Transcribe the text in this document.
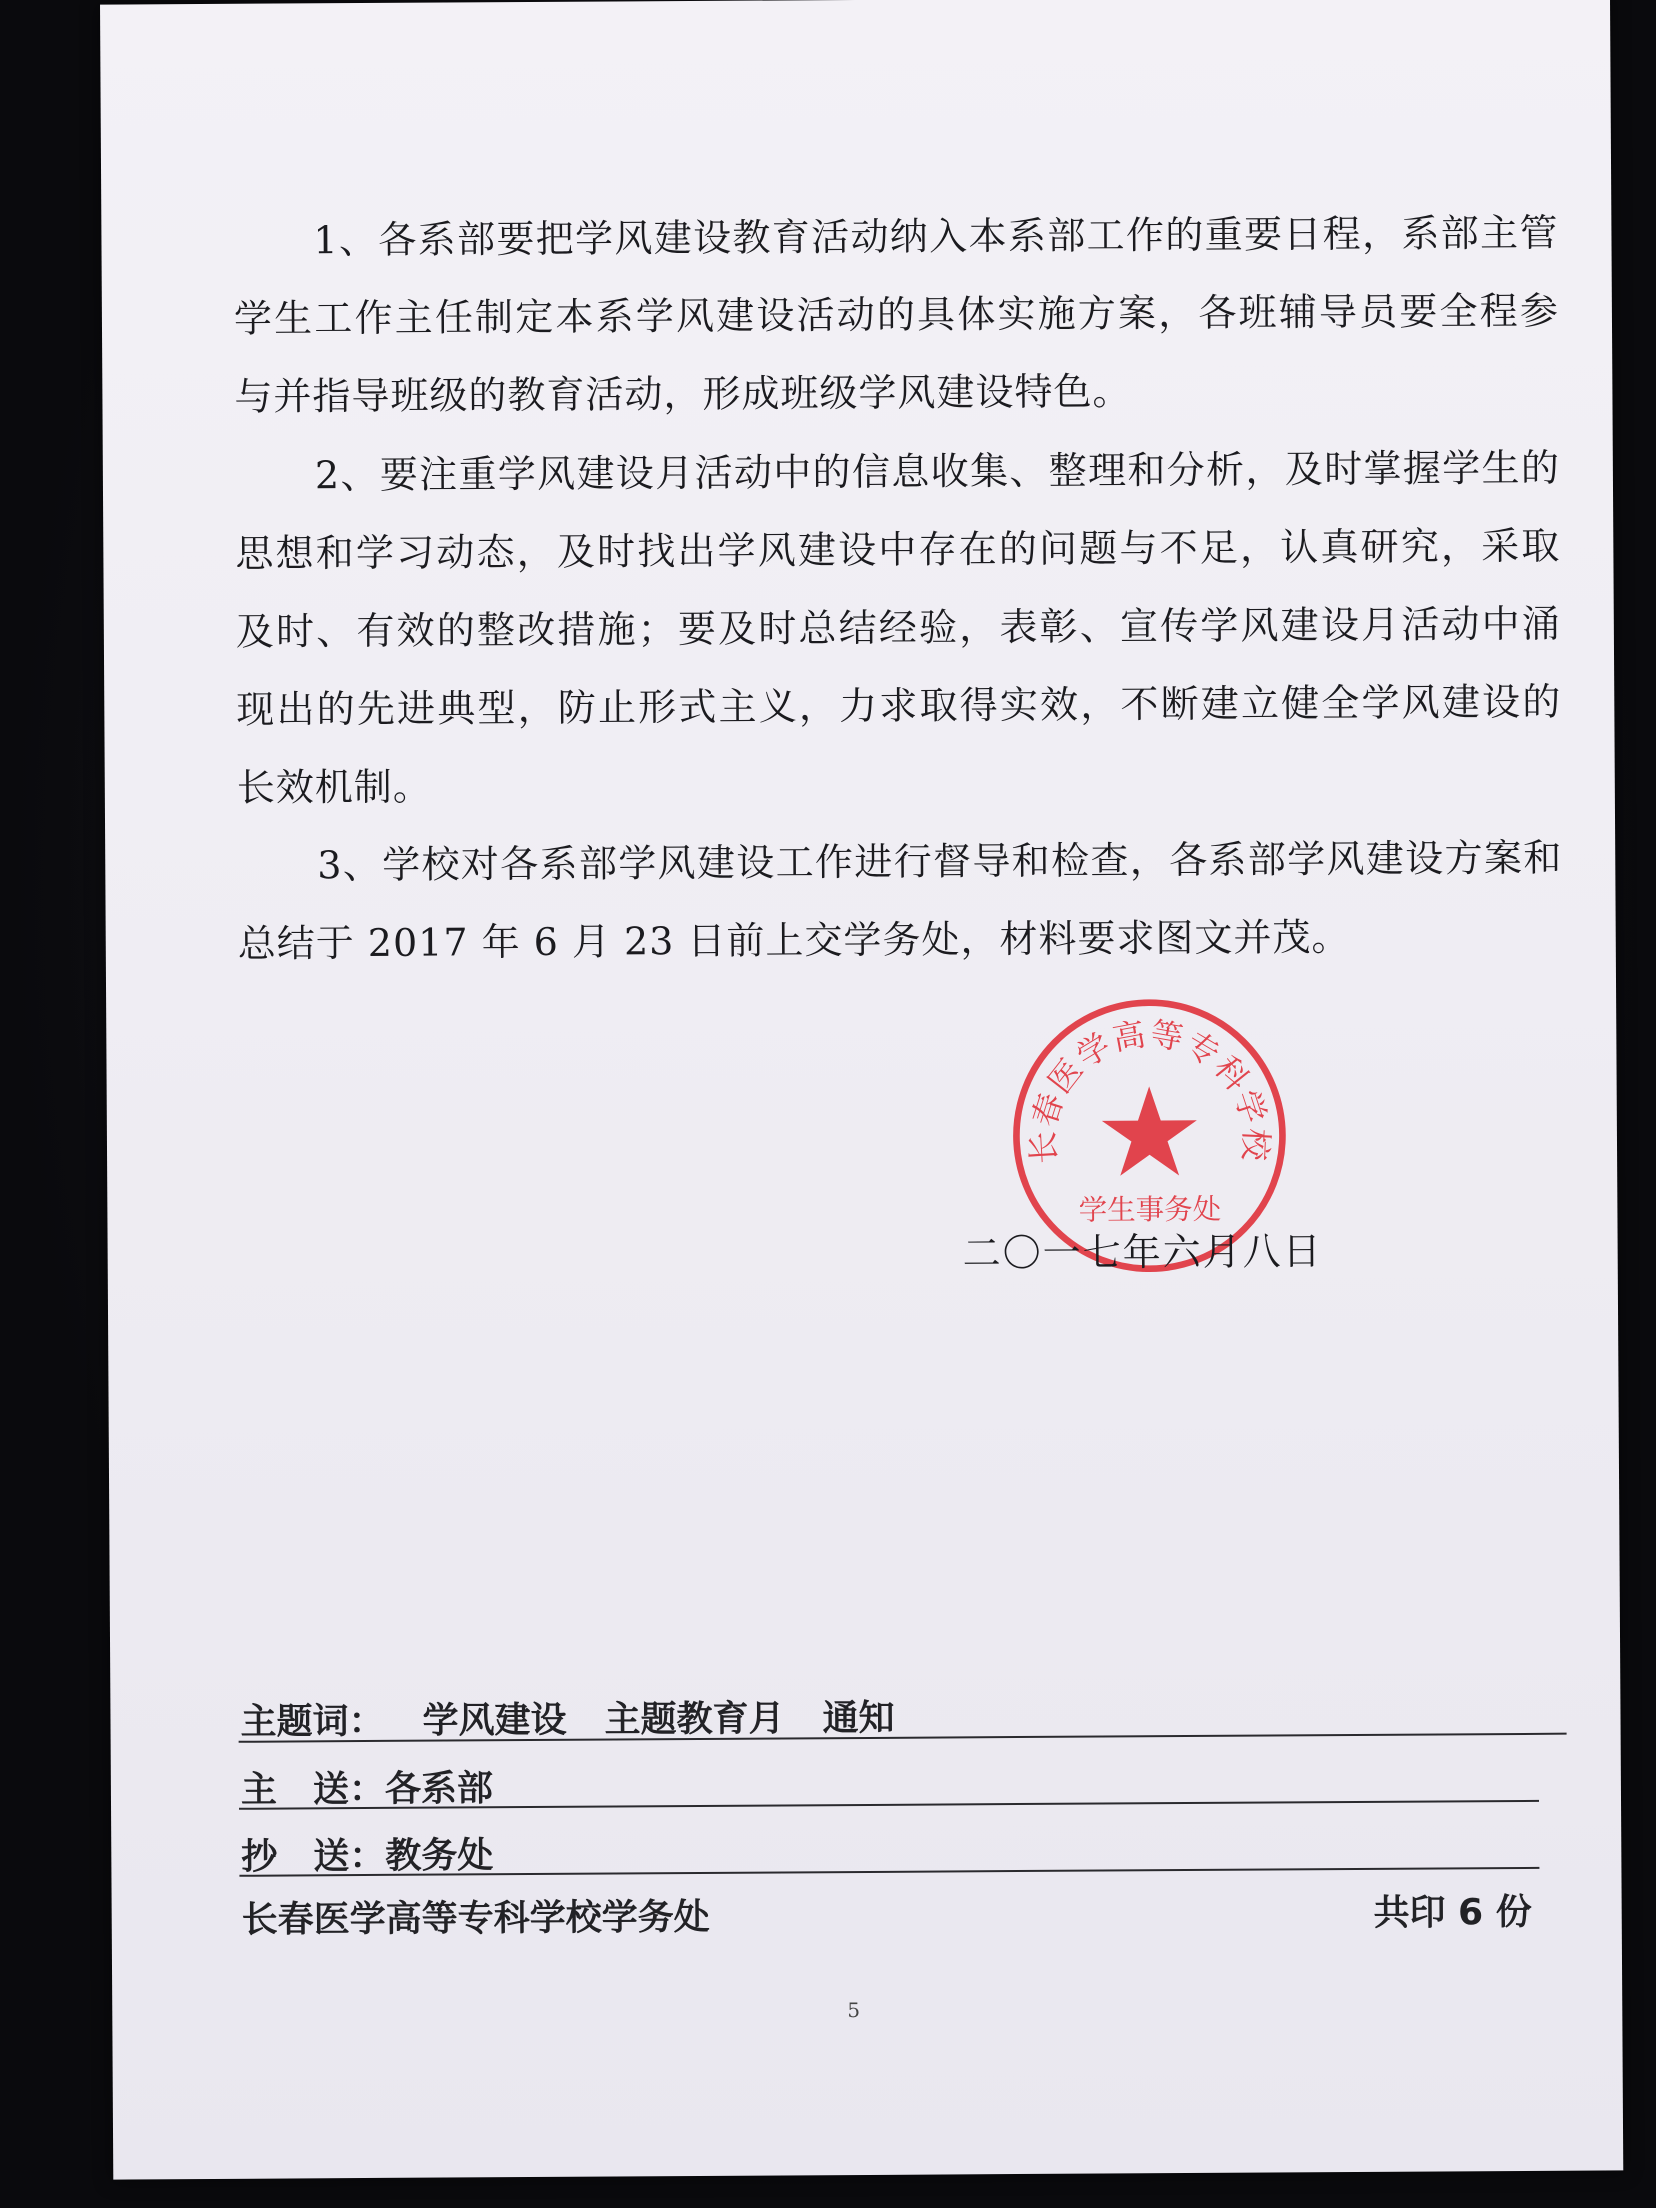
1、各系部要把学风建设教育活动纳入本系部工作的重要日程，系部主管学生工作主任制定本系学风建设活动的具体实施方案，各班辅导员要全程参与并指导班级的教育活动，形成班级学风建设特色。

2、要注重学风建设月活动中的信息收集、整理和分析，及时掌握学生的思想和学习动态，及时找出学风建设中存在的问题与不足，认真研究，采取及时、有效的整改措施；要及时总结经验，表彰、宣传学风建设月活动中涌现出的先进典型，防止形式主义，力求取得实效，不断建立健全学风建设的长效机制。

3、学校对各系部学风建设工作进行督导和检查，各系部学风建设方案和总结于 2017 年 6 月 23 日前上交学务处，材料要求图文并茂。

长春医学高等专科学校
学生事务处

二〇一七年六月八日

主题词： 学风建设 主题教育月 通知
主　送：各系部
抄　送：教务处
长春医学高等专科学校学务处	共印 6 份
5
